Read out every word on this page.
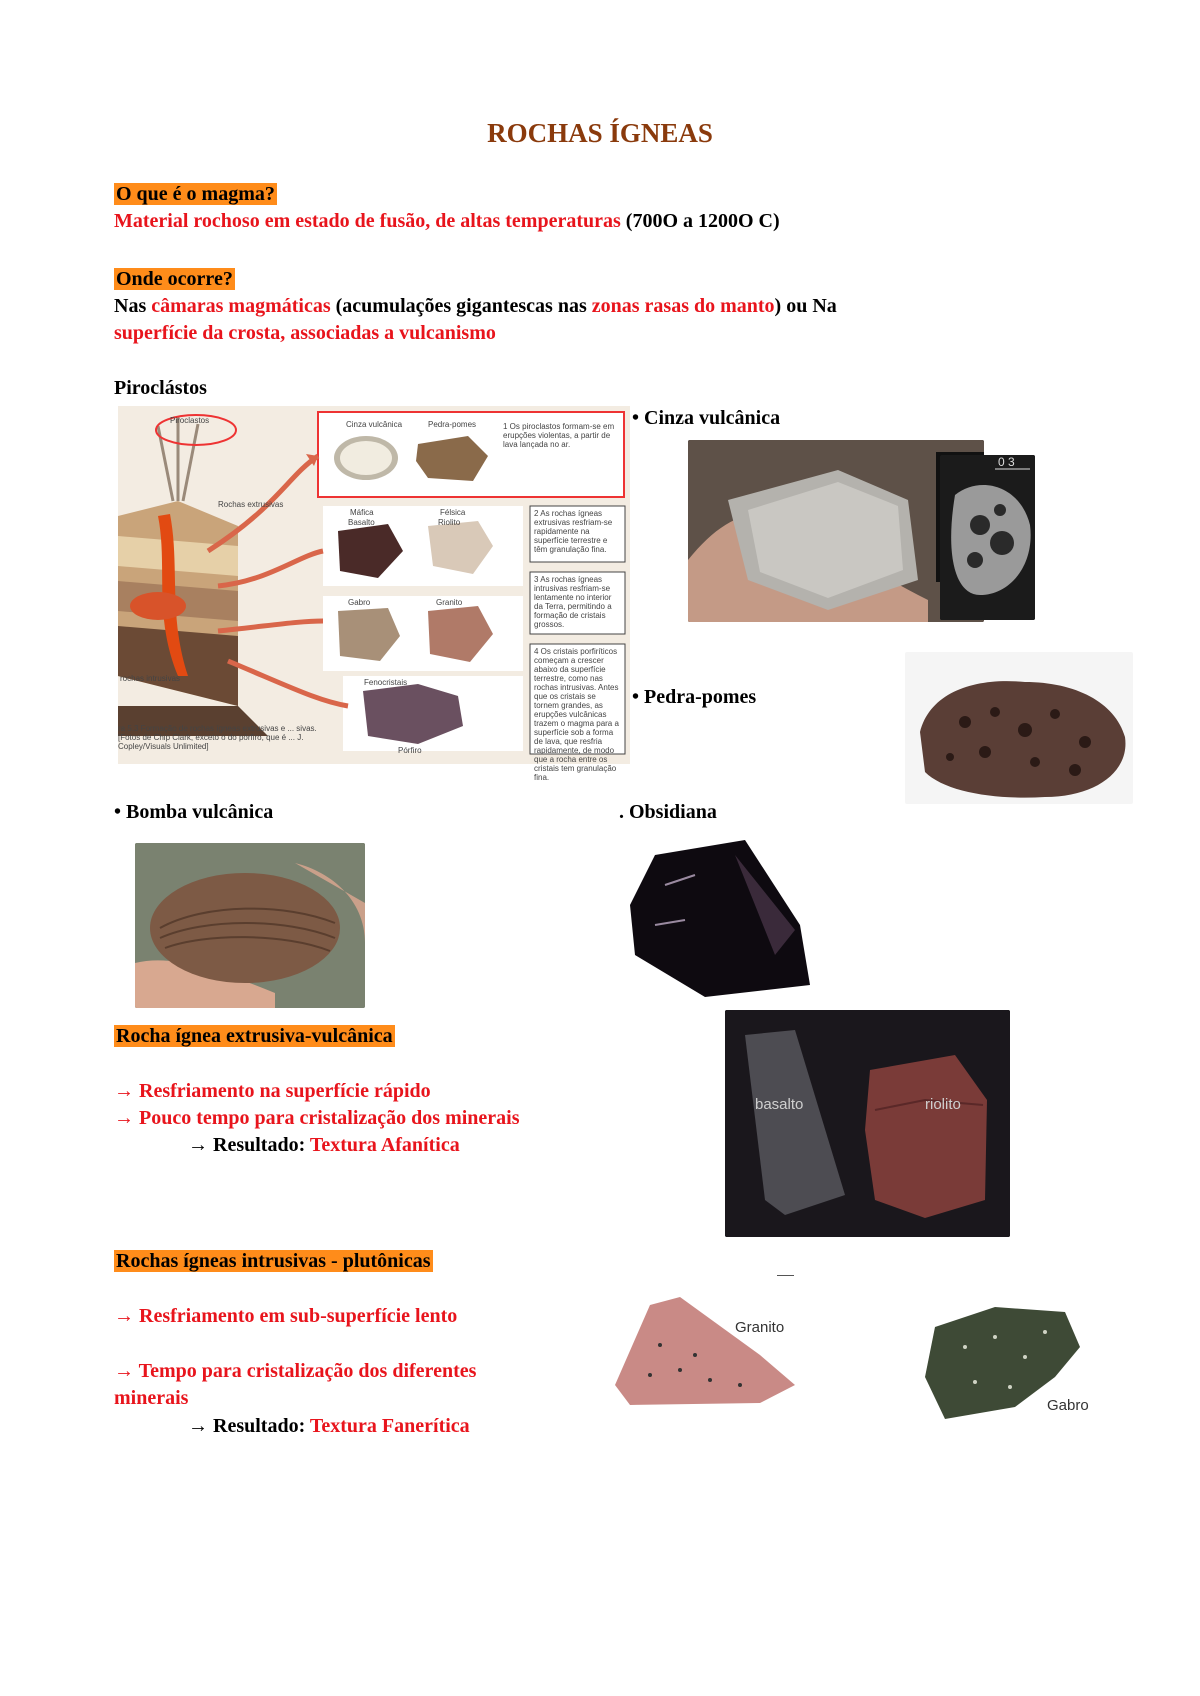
ROCHAS ÍGNEAS
O que é o magma?
Material rochoso em estado de fusão, de altas temperaturas (700O a 1200O C)
Onde ocorre?
Nas câmaras magmáticas (acumulações gigantescas nas zonas rasas do manto) ou Na
superfície da crosta, associadas a vulcanismo
Piroclástos
Piroclastos	Cinza vulcânica	Pedra-pomes	1 Os piroclastos formam-se em erupções violentas, a partir de lava lançada no ar.
Rochas extrusivas
Máfica	Félsica
Basalto	Riolito
Gabro	Granito
Fenocristais
Pórfiro
2 As rochas ígneas extrusivas resfriam-se rapidamente na superfície terrestre e têm granulação fina.
3 As rochas ígneas intrusivas resfriam-se lentamente no interior da Terra, permitindo a formação de cristais grossos.
4 Os cristais porfiríticos começam a crescer abaixo da superfície terrestre, como nas rochas intrusivas. Antes que os cristais se tornem grandes, as erupções vulcânicas trazem o magma para a superfície sob a forma de lava, que resfria rapidamente, de modo que a rocha entre os cristais tem granulação fina.
rochas intrusivas
ra 5.3 Formação de rochas ígneas extrusivas e ... sivas. [Fotos de Chip Clark, exceto o do pórfiro, que é ... J. Copley/Visuals Unlimited]
• Cinza vulcânica
0 3
• Pedra-pomes
• Bomba vulcânica	. Obsidiana
Rocha ígnea extrusiva-vulcânica
→ Resfriamento na superfície rápido
→ Pouco tempo para cristalização dos minerais
→ Resultado: Textura Afanítica
basalto	riolito
Rochas ígneas intrusivas - plutônicas
→ Resfriamento em sub-superfície lento
→ Tempo para cristalização dos diferentes
minerais
→ Resultado: Textura Fanerítica
Granito
Gabro
